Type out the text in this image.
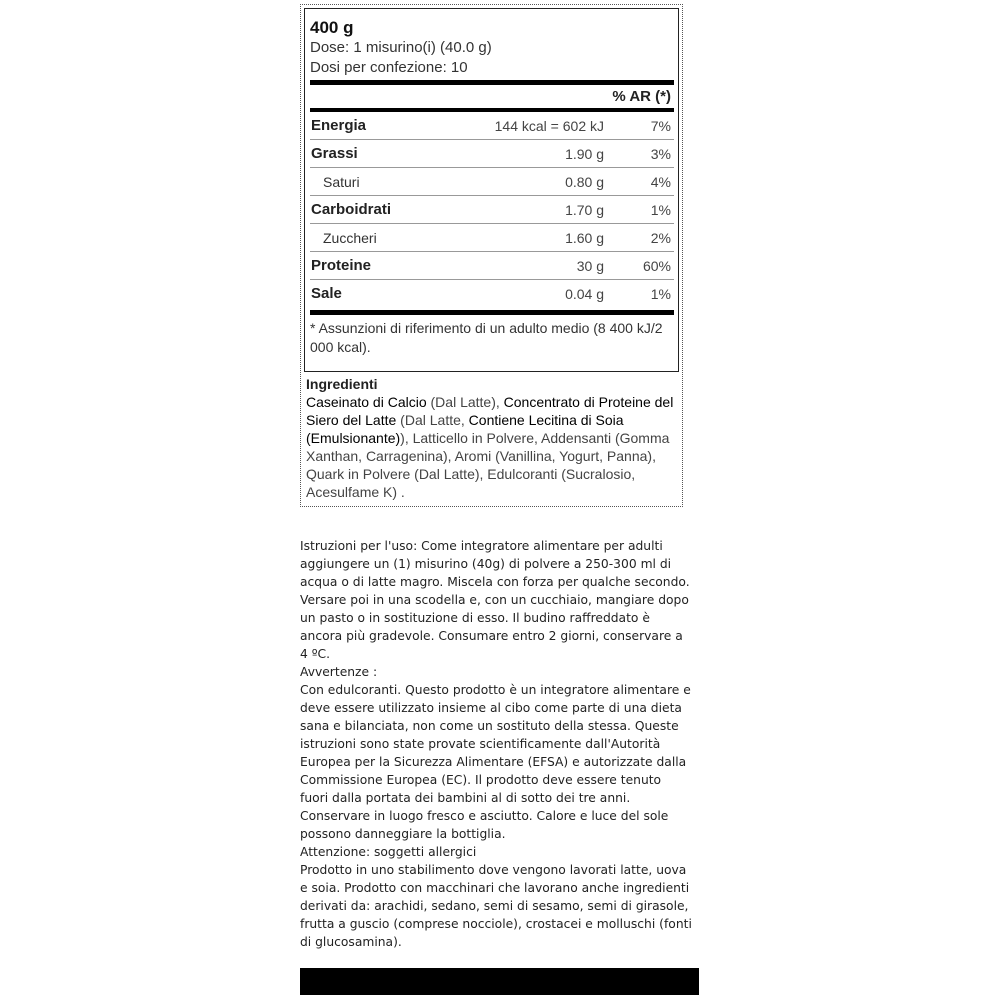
400 g
Dose: 1 misurino(i) (40.0 g)
Dosi per confezione: 10
% AR (*)
Energia	144 kcal = 602 kJ	7%
Grassi	1.90 g	3%
Saturi	0.80 g	4%
Carboidrati	1.70 g	1%
Zuccheri	1.60 g	2%
Proteine	30 g	60%
Sale	0.04 g	1%
* Assunzioni di riferimento di un adulto medio (8 400 kJ/2 000 kcal).
Ingredienti
Caseinato di Calcio (Dal Latte), Concentrato di Proteine del Siero del Latte (Dal Latte, Contiene Lecitina di Soia (Emulsionante)), Latticello in Polvere, Addensanti (Gomma Xanthan, Carragenina), Aromi (Vanillina, Yogurt, Panna), Quark in Polvere (Dal Latte), Edulcoranti (Sucralosio, Acesulfame K) .

Istruzioni per l'uso: Come integratore alimentare per adulti aggiungere un (1) misurino (40g) di polvere a 250-300 ml di acqua o di latte magro. Miscela con forza per qualche secondo. Versare poi in una scodella e, con un cucchiaio, mangiare dopo un pasto o in sostituzione di esso. Il budino raffreddato è ancora più gradevole. Consumare entro 2 giorni, conservare a 4 ºC.

Avvertenze :

Con edulcoranti. Questo prodotto è un integratore alimentare e deve essere utilizzato insieme al cibo come parte di una dieta sana e bilanciata, non come un sostituto della stessa. Queste istruzioni sono state provate scientificamente dall'Autorità Europea per la Sicurezza Alimentare (EFSA) e autorizzate dalla Commissione Europea (EC). Il prodotto deve essere tenuto fuori dalla portata dei bambini al di sotto dei tre anni. Conservare in luogo fresco e asciutto. Calore e luce del sole possono danneggiare la bottiglia.

Attenzione: soggetti allergici

Prodotto in uno stabilimento dove vengono lavorati latte, uova e soia. Prodotto con macchinari che lavorano anche ingredienti derivati da: arachidi, sedano, semi di sesamo, semi di girasole, frutta a guscio (comprese nocciole), crostacei e molluschi (fonti di glucosamina).
